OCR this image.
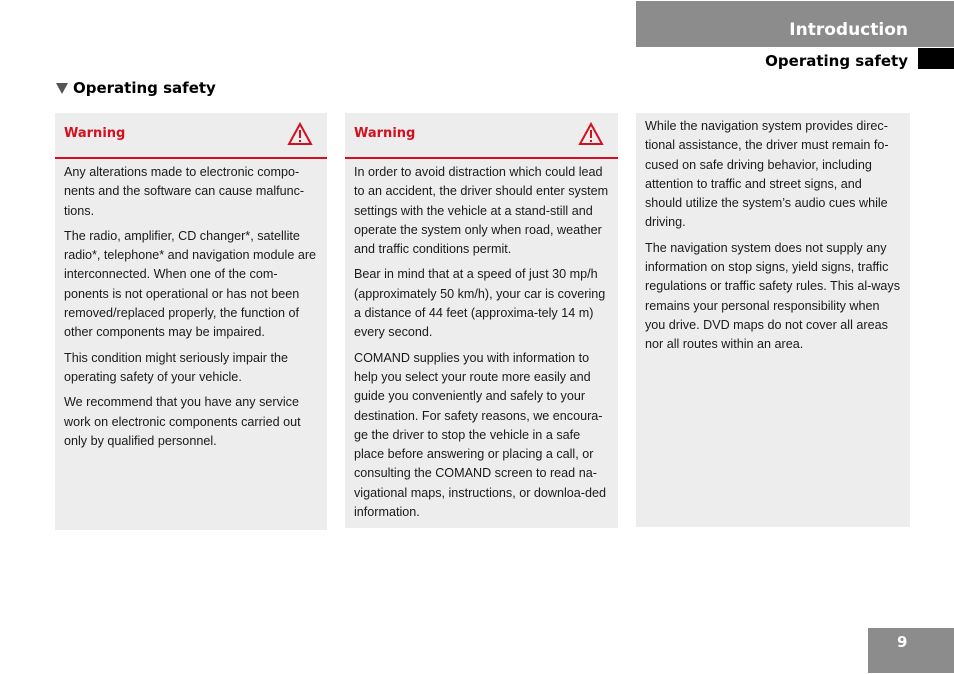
Introduction
Operating safety
Operating safety
Warning

Any alterations made to electronic compo-nents and the software can cause malfunc-tions.

The radio, amplifier, CD changer*, satellite radio*, telephone* and navigation module are interconnected. When one of the com-ponents is not operational or has not been removed/replaced properly, the function of other components may be impaired.

This condition might seriously impair the operating safety of your vehicle.

We recommend that you have any service work on electronic components carried out only by qualified personnel.

Warning

In order to avoid distraction which could lead to an accident, the driver should enter system settings with the vehicle at a stand-still and operate the system only when road, weather and traffic conditions permit.

Bear in mind that at a speed of just 30 mp/h (approximately 50 km/h), your car is covering a distance of 44 feet (approxima-tely 14 m) every second.

COMAND supplies you with information to help you select your route more easily and guide you conveniently and safely to your destination. For safety reasons, we encoura-ge the driver to stop the vehicle in a safe place before answering or placing a call, or consulting the COMAND screen to read na-vigational maps, instructions, or downloa-ded information.

While the navigation system provides direc-tional assistance, the driver must remain fo-cused on safe driving behavior, including attention to traffic and street signs, and should utilize the system’s audio cues while driving.

The navigation system does not supply any information on stop signs, yield signs, traffic regulations or traffic safety rules. This al-ways remains your personal responsibility when you drive. DVD maps do not cover all areas nor all routes within an area.

9
